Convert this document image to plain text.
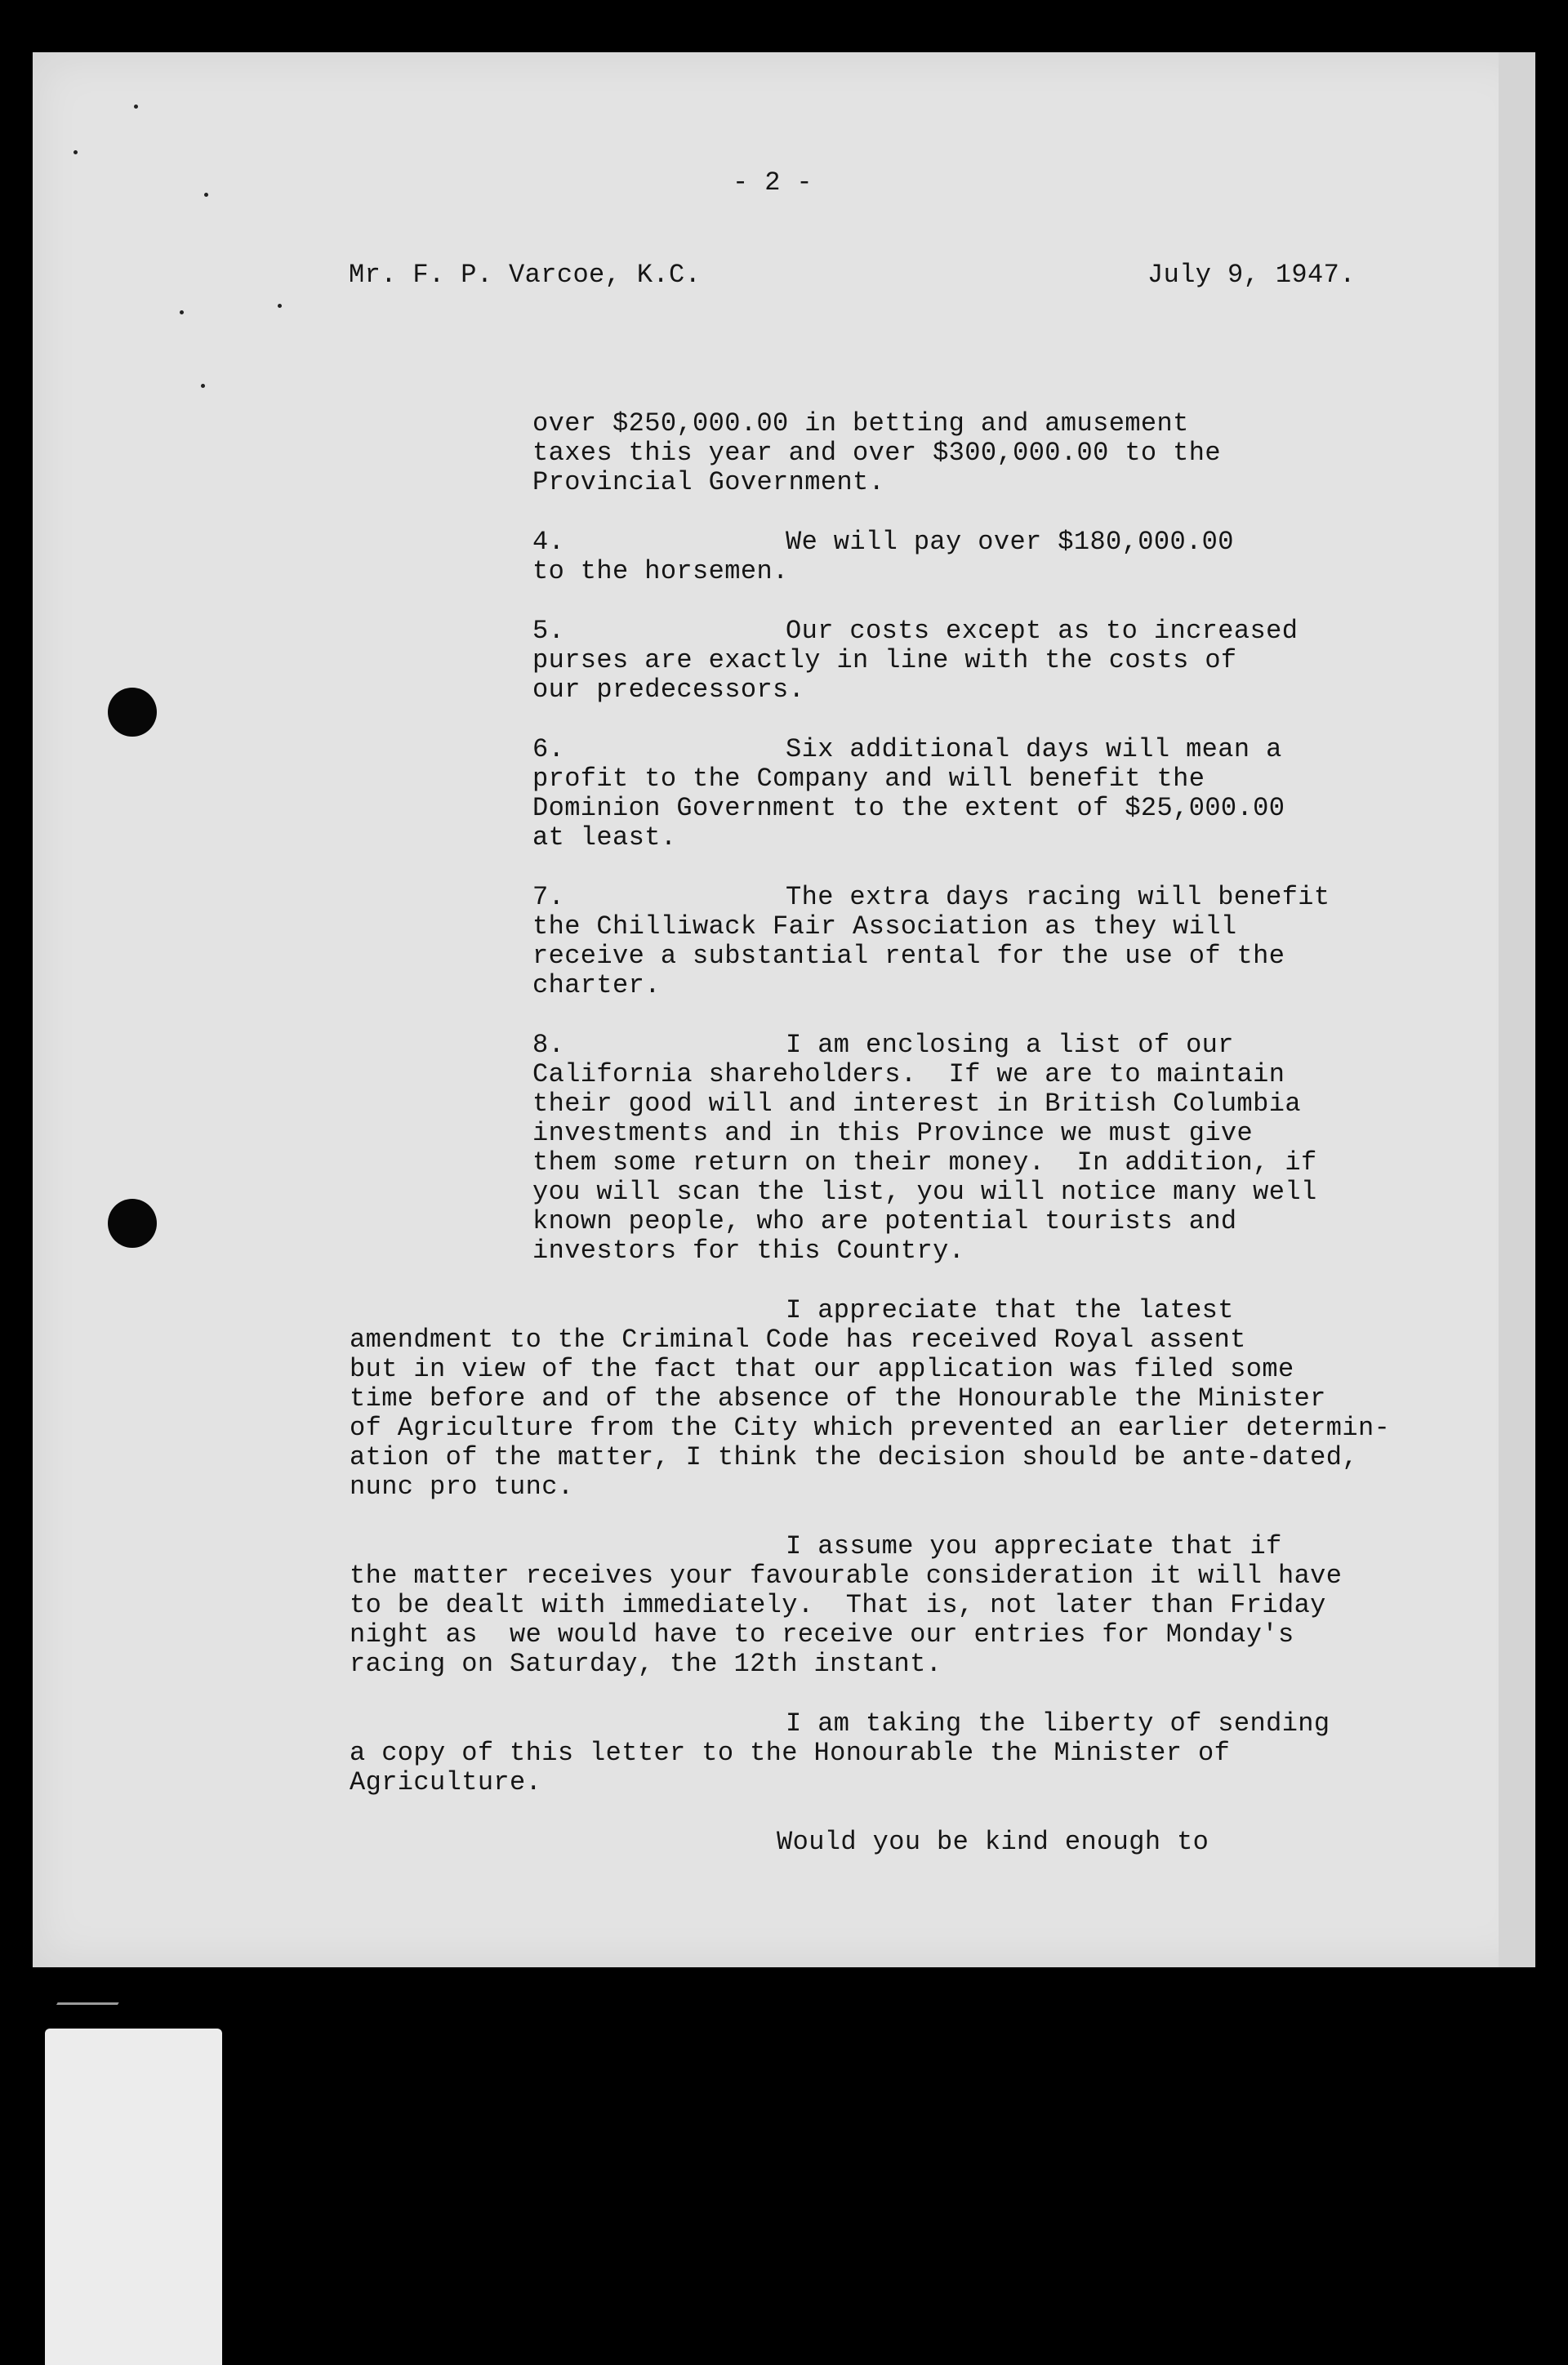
- 2 -
Mr. F. P. Varcoe, K.C.	July 9, 1947.
over $250,000.00 in betting and amusement
taxes this year and over $300,000.00 to the
Provincial Government.
4.	We will pay over $180,000.00
to the horsemen.
5.	Our costs except as to increased
purses are exactly in line with the costs of
our predecessors.
6.	Six additional days will mean a
profit to the Company and will benefit the
Dominion Government to the extent of $25,000.00
at least.
7.	The extra days racing will benefit
the Chilliwack Fair Association as they will
receive a substantial rental for the use of the
charter.
8.	I am enclosing a list of our
California shareholders.  If we are to maintain
their good will and interest in British Columbia
investments and in this Province we must give
them some return on their money.  In addition, if
you will scan the list, you will notice many well
known people, who are potential tourists and
investors for this Country.
I appreciate that the latest
amendment to the Criminal Code has received Royal assent
but in view of the fact that our application was filed some
time before and of the absence of the Honourable the Minister
of Agriculture from the City which prevented an earlier determin-
ation of the matter, I think the decision should be ante-dated,
nunc pro tunc.
I assume you appreciate that if
the matter receives your favourable consideration it will have
to be dealt with immediately.  That is, not later than Friday
night as  we would have to receive our entries for Monday's
racing on Saturday, the 12th instant.
I am taking the liberty of sending
a copy of this letter to the Honourable the Minister of
Agriculture.
Would you be kind enough to
